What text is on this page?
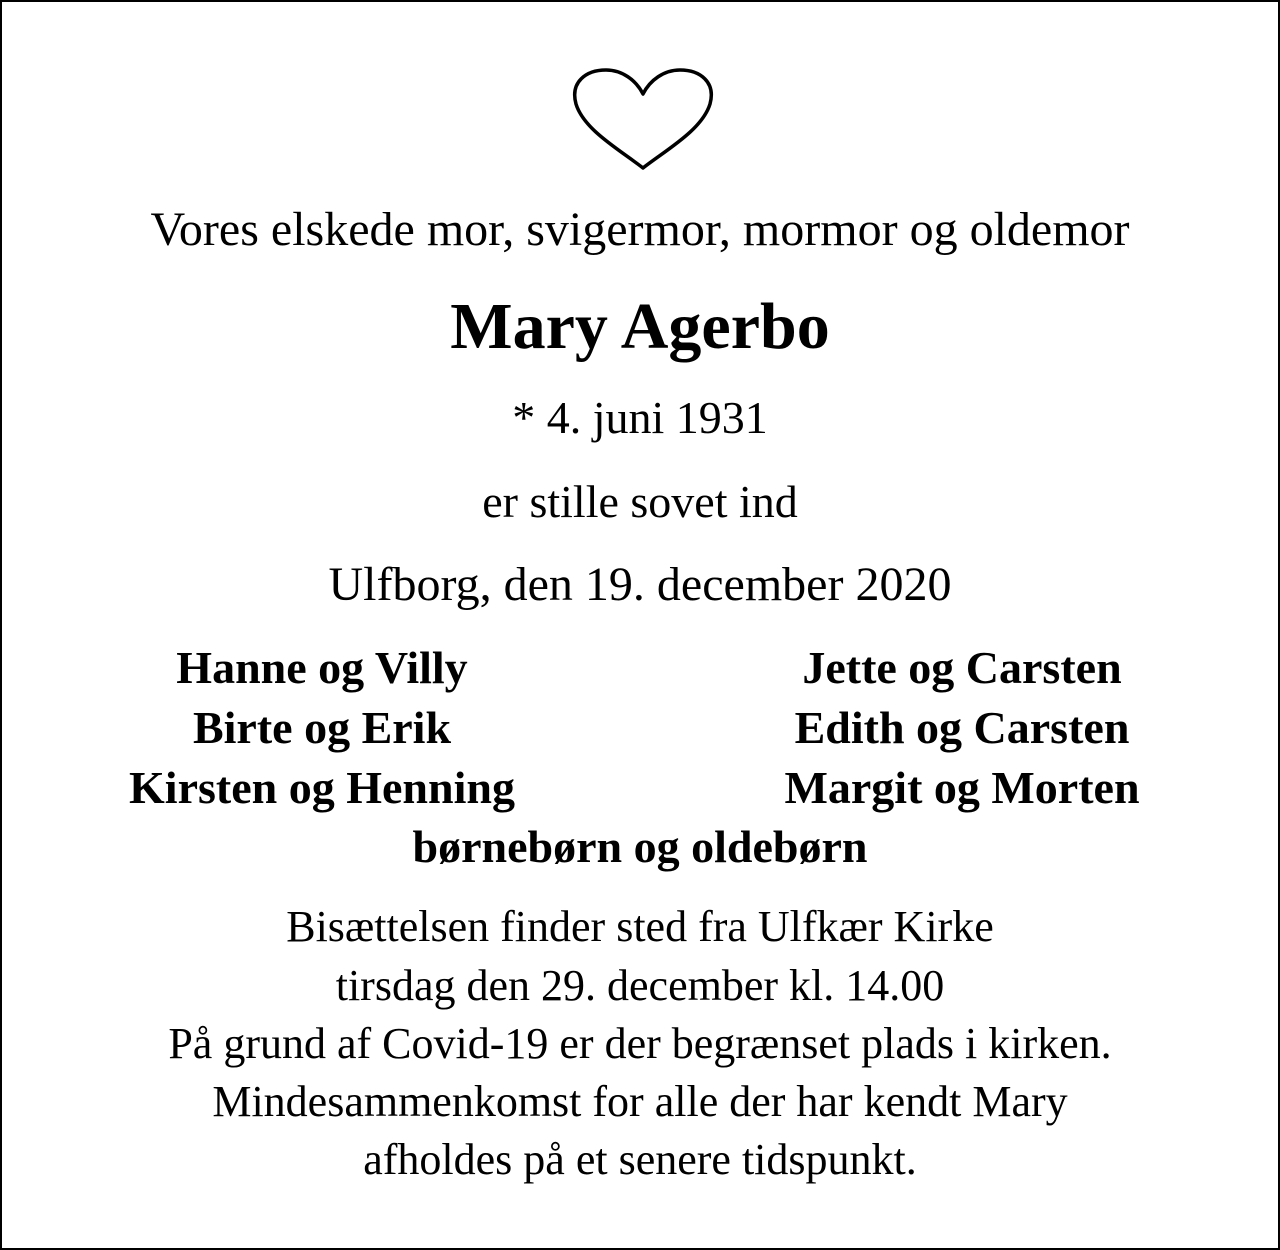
Vores elskede mor, svigermor, mormor og oldemor
Mary Agerbo
* 4. juni 1931
er stille sovet ind
Ulfborg, den 19. december 2020
Hanne og Villy	Jette og Carsten
Birte og Erik	Edith og Carsten
Kirsten og Henning	Margit og Morten
børnebørn og oldebørn
Bisættelsen finder sted fra Ulfkær Kirke
tirsdag den 29. december kl. 14.00
På grund af Covid-19 er der begrænset plads i kirken.
Mindesammenkomst for alle der har kendt Mary
afholdes på et senere tidspunkt.
